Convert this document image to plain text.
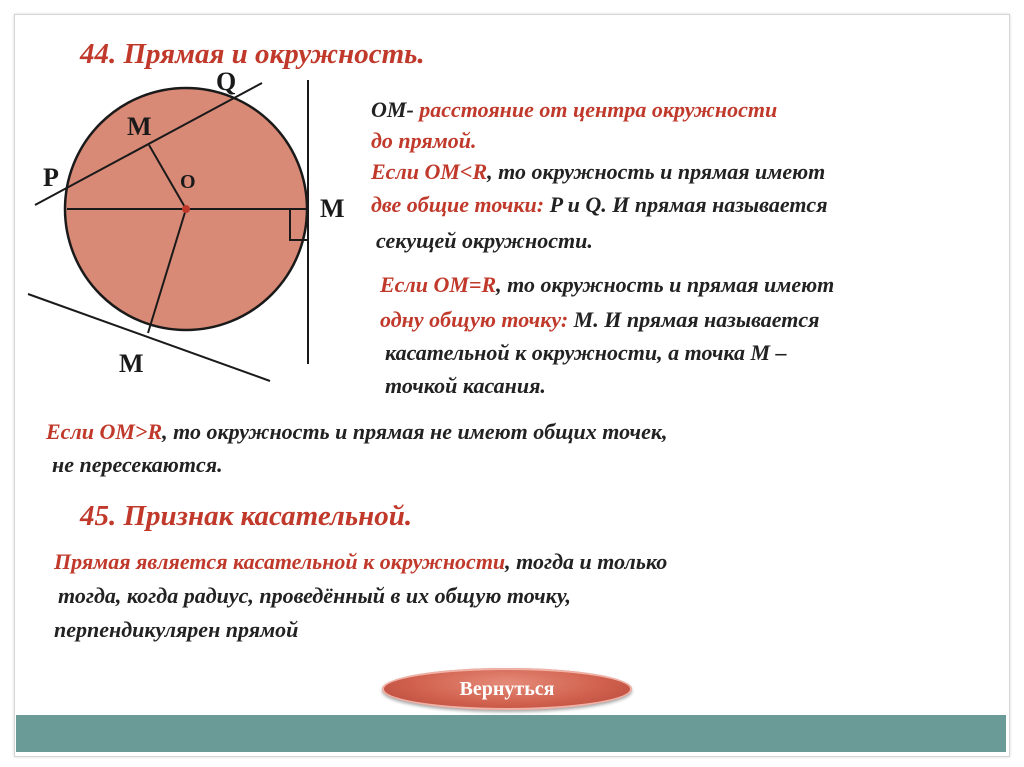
44. Прямая и окружность.
Q
M
P	O
M
M
ОМ- расстояние от центра окружности
до прямой.
Если ОМ<R, то окружность и прямая имеют
две общие точки: P и Q. И прямая называется
секущей окружности.
Если ОМ=R, то окружность и прямая имеют
одну общую точку: М. И прямая называется
касательной к окружности, а точка М –
точкой касания.
Если ОМ>R, то окружность и прямая не имеют общих точек,
не пересекаются.
45. Признак касательной.
Прямая является касательной к окружности, тогда и только
тогда, когда радиус, проведённый в их общую точку,
перпендикулярен прямой
Вернуться
